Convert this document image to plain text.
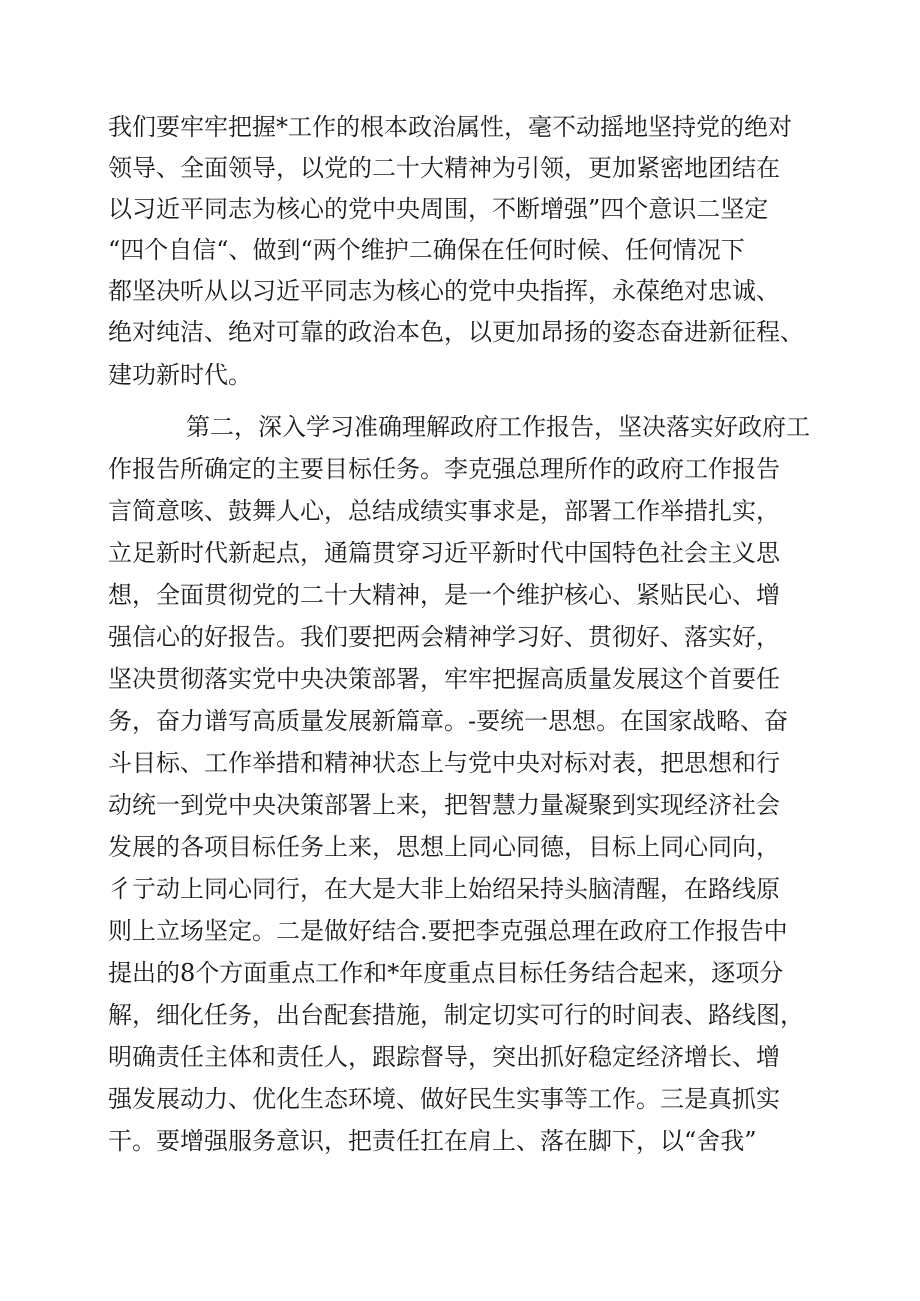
我们要牢牢把握*工作的根本政治属性，毫不动摇地坚持党的绝对
领导、全面领导，以党的二十大精神为引领，更加紧密地团结在
以习近平同志为核心的党中央周围，不断增强”四个意识二坚定
“四个自信“、做到“两个维护二确保在任何时候、任何情况下
都坚决听从以习近平同志为核心的党中央指挥，永葆绝对忠诚、
绝对纯洁、绝对可靠的政治本色，以更加昂扬的姿态奋进新征程、
建功新时代。
第二，深入学习准确理解政府工作报告，坚决落实好政府工
作报告所确定的主要目标任务。李克强总理所作的政府工作报告
言简意咳、鼓舞人心，总结成绩实事求是，部署工作举措扎实，
立足新时代新起点，通篇贯穿习近平新时代中国特色社会主义思
想，全面贯彻党的二十大精神，是一个维护核心、紧贴民心、增
强信心的好报告。我们要把两会精神学习好、贯彻好、落实好，
坚决贯彻落实党中央决策部署，牢牢把握高质量发展这个首要任
务，奋力谱写高质量发展新篇章。-要统一思想。在国家战略、奋
斗目标、工作举措和精神状态上与党中央对标对表，把思想和行
动统一到党中央决策部署上来，把智慧力量凝聚到实现经济社会
发展的各项目标任务上来，思想上同心同德，目标上同心同向，
彳亍动上同心同行，在大是大非上始绍呆持头脑清醒，在路线原
则上立场坚定。二是做好结合.要把李克强总理在政府工作报告中
提出的8个方面重点工作和*年度重点目标任务结合起来，逐项分
解，细化任务，出台配套措施，制定切实可行的时间表、路线图，
明确责任主体和责任人，跟踪督导，突出抓好稳定经济增长、增
强发展动力、优化生态环境、做好民生实事等工作。三是真抓实
干。要增强服务意识，把责任扛在肩上、落在脚下，以“舍我”
